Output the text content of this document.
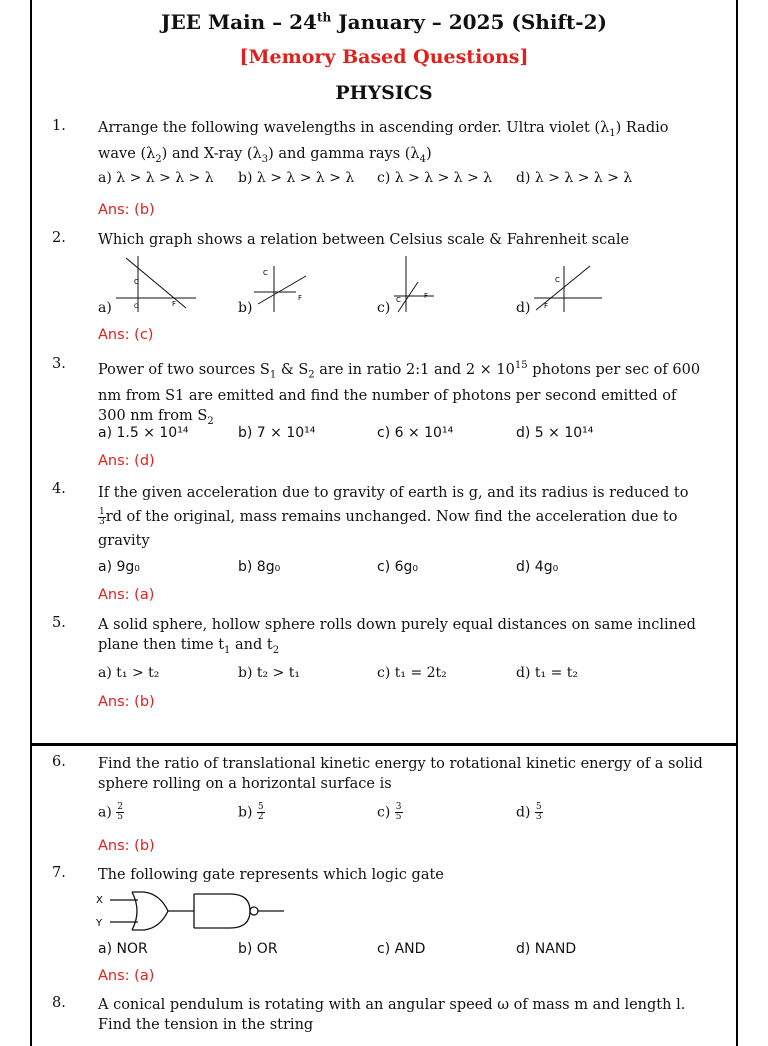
JEE Main – 24th January – 2025 (Shift-2)
[Memory Based Questions]
PHYSICS
1. Arrange the following wavelengths in ascending order. Ultra violet $(\lambda_1)$ Radio
wave $(\lambda_2)$ and X-ray $(\lambda_3)$ and gamma rays $(\lambda_4)$
a) λ > λ > λ > λ b) λ > λ > λ > λ c) λ > λ > λ > λ d) λ > λ > λ > λ
Ans: (b)
2. Which graph shows a relation between Celsius scale & Fahrenheit scale
a)
C
O	F	b)
C
F
c) C	F
d)
C
F
Ans: (c)
3. Power of two sources $S_1$ & $S_2$ are in ratio 2:1 and $2 \times 10^{15}$ photons per sec of 600
nm from S1 are emitted and find the number of photons per second emitted of
300 nm from $S_2$
a) 1.5 × 10¹⁴	b) 7 × 10¹⁴	c) 6 × 10¹⁴	d) 5 × 10¹⁴
Ans: (d)
4. If the given acceleration due to gravity of earth is g, and its radius is reduced to

$\frac{1}{3}$ rd of the original, mass remains unchanged. Now find the acceleration due to
gravity
a) 9g₀	b) 8g₀	c) 6g₀	d) 4g₀
Ans: (a)
5. A solid sphere, hollow sphere rolls down purely equal distances on same inclined
plane then time $t_1$ and $t_2$
a) t₁ > t₂	b) t₂ > t₁	c) t₁ = 2t₂	d) t₁ = t₂
Ans: (b)
6. Find the ratio of translational kinetic energy to rotational kinetic energy of a solid
sphere rolling on a horizontal surface is
$a) \frac{2}{5}$	$b) \frac{5}{2}$	$c) \frac{3}{5}$	$d) \frac{5}{3}$
Ans: (b)
7. The following gate represents which logic gate
X
Y
a) NOR	b) OR	c) AND	d) NAND
Ans: (a)
8. A conical pendulum is rotating with an angular speed ω of mass m and length l.
Find the tension in the string
